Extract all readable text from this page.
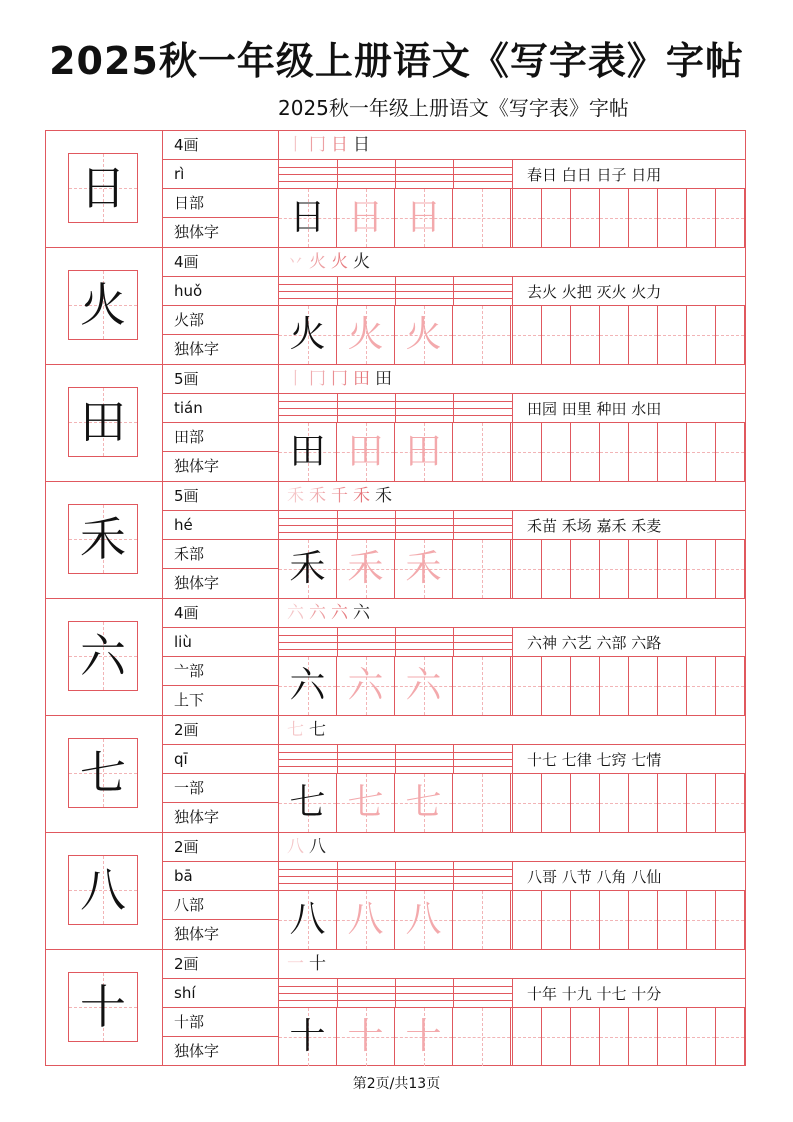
2025秋一年级上册语文《写字表》字帖
2025秋一年级上册语文《写字表》字帖
日
4画
rì
日部
独体字
丨 冂 日 日
春日 白日 日子 日用
日 日 日
火
4画
huǒ
火部
独体字
丷 火 火 火
去火 火把 灭火 火力
火 火 火
田
5画
tián
田部
独体字
丨 冂 冂 田 田
田园 田里 种田 水田
田 田 田
禾
5画
hé
禾部
独体字
禾 禾 千 禾 禾
禾苗 禾场 嘉禾 禾麦
禾 禾 禾
六
4画
liù
亠部
上下
六 六 六 六
六神 六艺 六部 六路
六 六 六
七
2画
qī
一部
独体字
七 七
十七 七律 七窍 七情
七 七 七
八
2画
bā
八部
独体字
八 八
八哥 八节 八角 八仙
八 八 八
十
2画
shí
十部
独体字
一 十
十年 十九 十七 十分
十 十 十
第2页/共13页
